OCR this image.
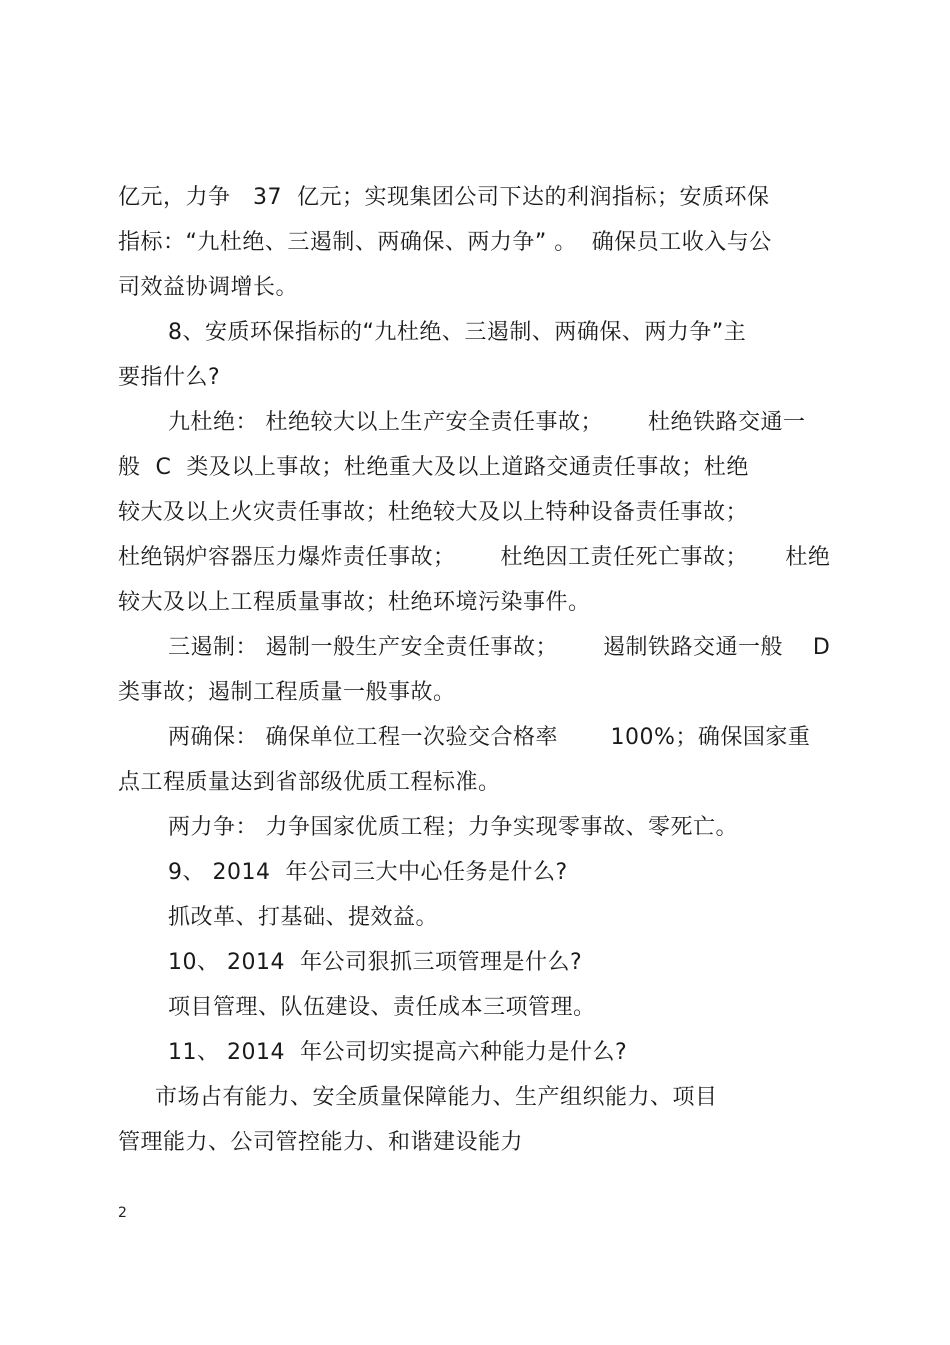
亿元，力争   37  亿元；实现集团公司下达的利润指标；安质环保
指标：“九杜绝、三遏制、两确保、两力争” 。  确保员工收入与公
司效益协调增长。
8、安质环保指标的“九杜绝、三遏制、两确保、两力争”主
要指什么?
九杜绝： 杜绝较大以上生产安全责任事故；      杜绝铁路交通一
般  C  类及以上事故；杜绝重大及以上道路交通责任事故；杜绝
较大及以上火灾责任事故；杜绝较大及以上特种设备责任事故；
杜绝锅炉容器压力爆炸责任事故；      杜绝因工责任死亡事故；     杜绝
较大及以上工程质量事故；杜绝环境污染事件。
三遏制： 遏制一般生产安全责任事故；      遏制铁路交通一般    D
类事故；遏制工程质量一般事故。
两确保： 确保单位工程一次验交合格率       100%；确保国家重
点工程质量达到省部级优质工程标准。
两力争： 力争国家优质工程；力争实现零事故、零死亡。
9、 2014  年公司三大中心任务是什么?
抓改革、打基础、提效益。
10、 2014  年公司狠抓三项管理是什么?
项目管理、队伍建设、责任成本三项管理。
11、 2014  年公司切实提高六种能力是什么?
市场占有能力、安全质量保障能力、生产组织能力、项目
管理能力、公司管控能力、和谐建设能力
2
